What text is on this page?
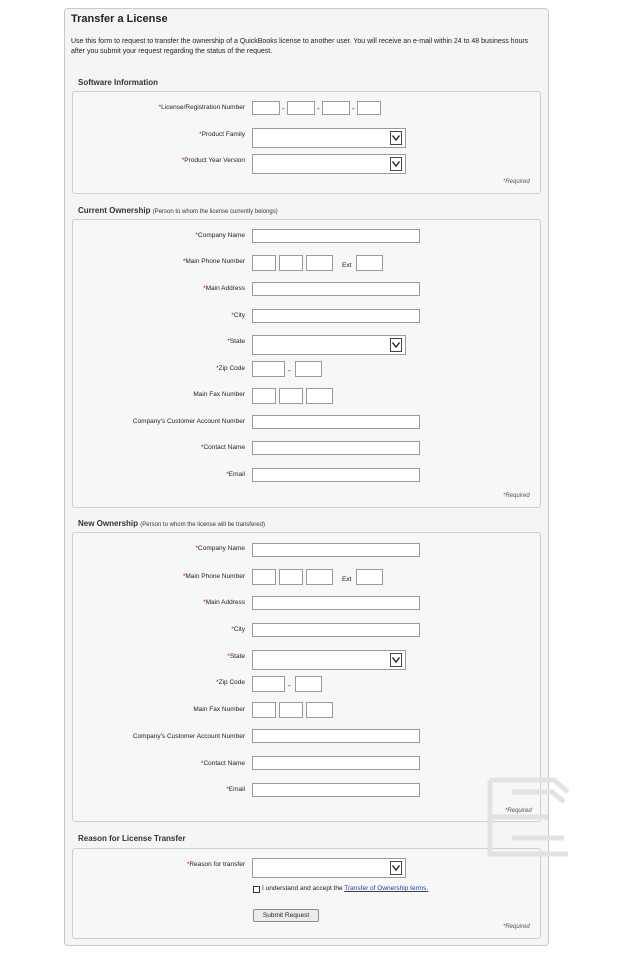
Transfer a License
Use this form to request to transfer the ownership of a QuickBooks license to another user. You will receive an e-mail within 24 to 48 business hours after you submit your request regarding the status of the request.
Software Information
*License/Registration Number	-	-	-
*Product Family
*Product Year Version
*Required
Current Ownership (Person to whom the license currently belongs)
*Company Name
*Main Phone Number
Ext
*Main Address
*City
*State
*Zip Code	-
Main Fax Number
Company's Customer Account Number
*Contact Name
*Email
*Required
New Ownership (Person to whom the license will be transfered)
*Company Name
*Main Phone Number	Ext
*Main Address
*City
*State
*Zip Code	-
Main Fax Number
Company's Customer Account Number
*Contact Name
*Email
*Required
Reason for License Transfer
*Reason for transfer
I understand and accept the Transfer of Ownership terms.
Submit Request
*Required
